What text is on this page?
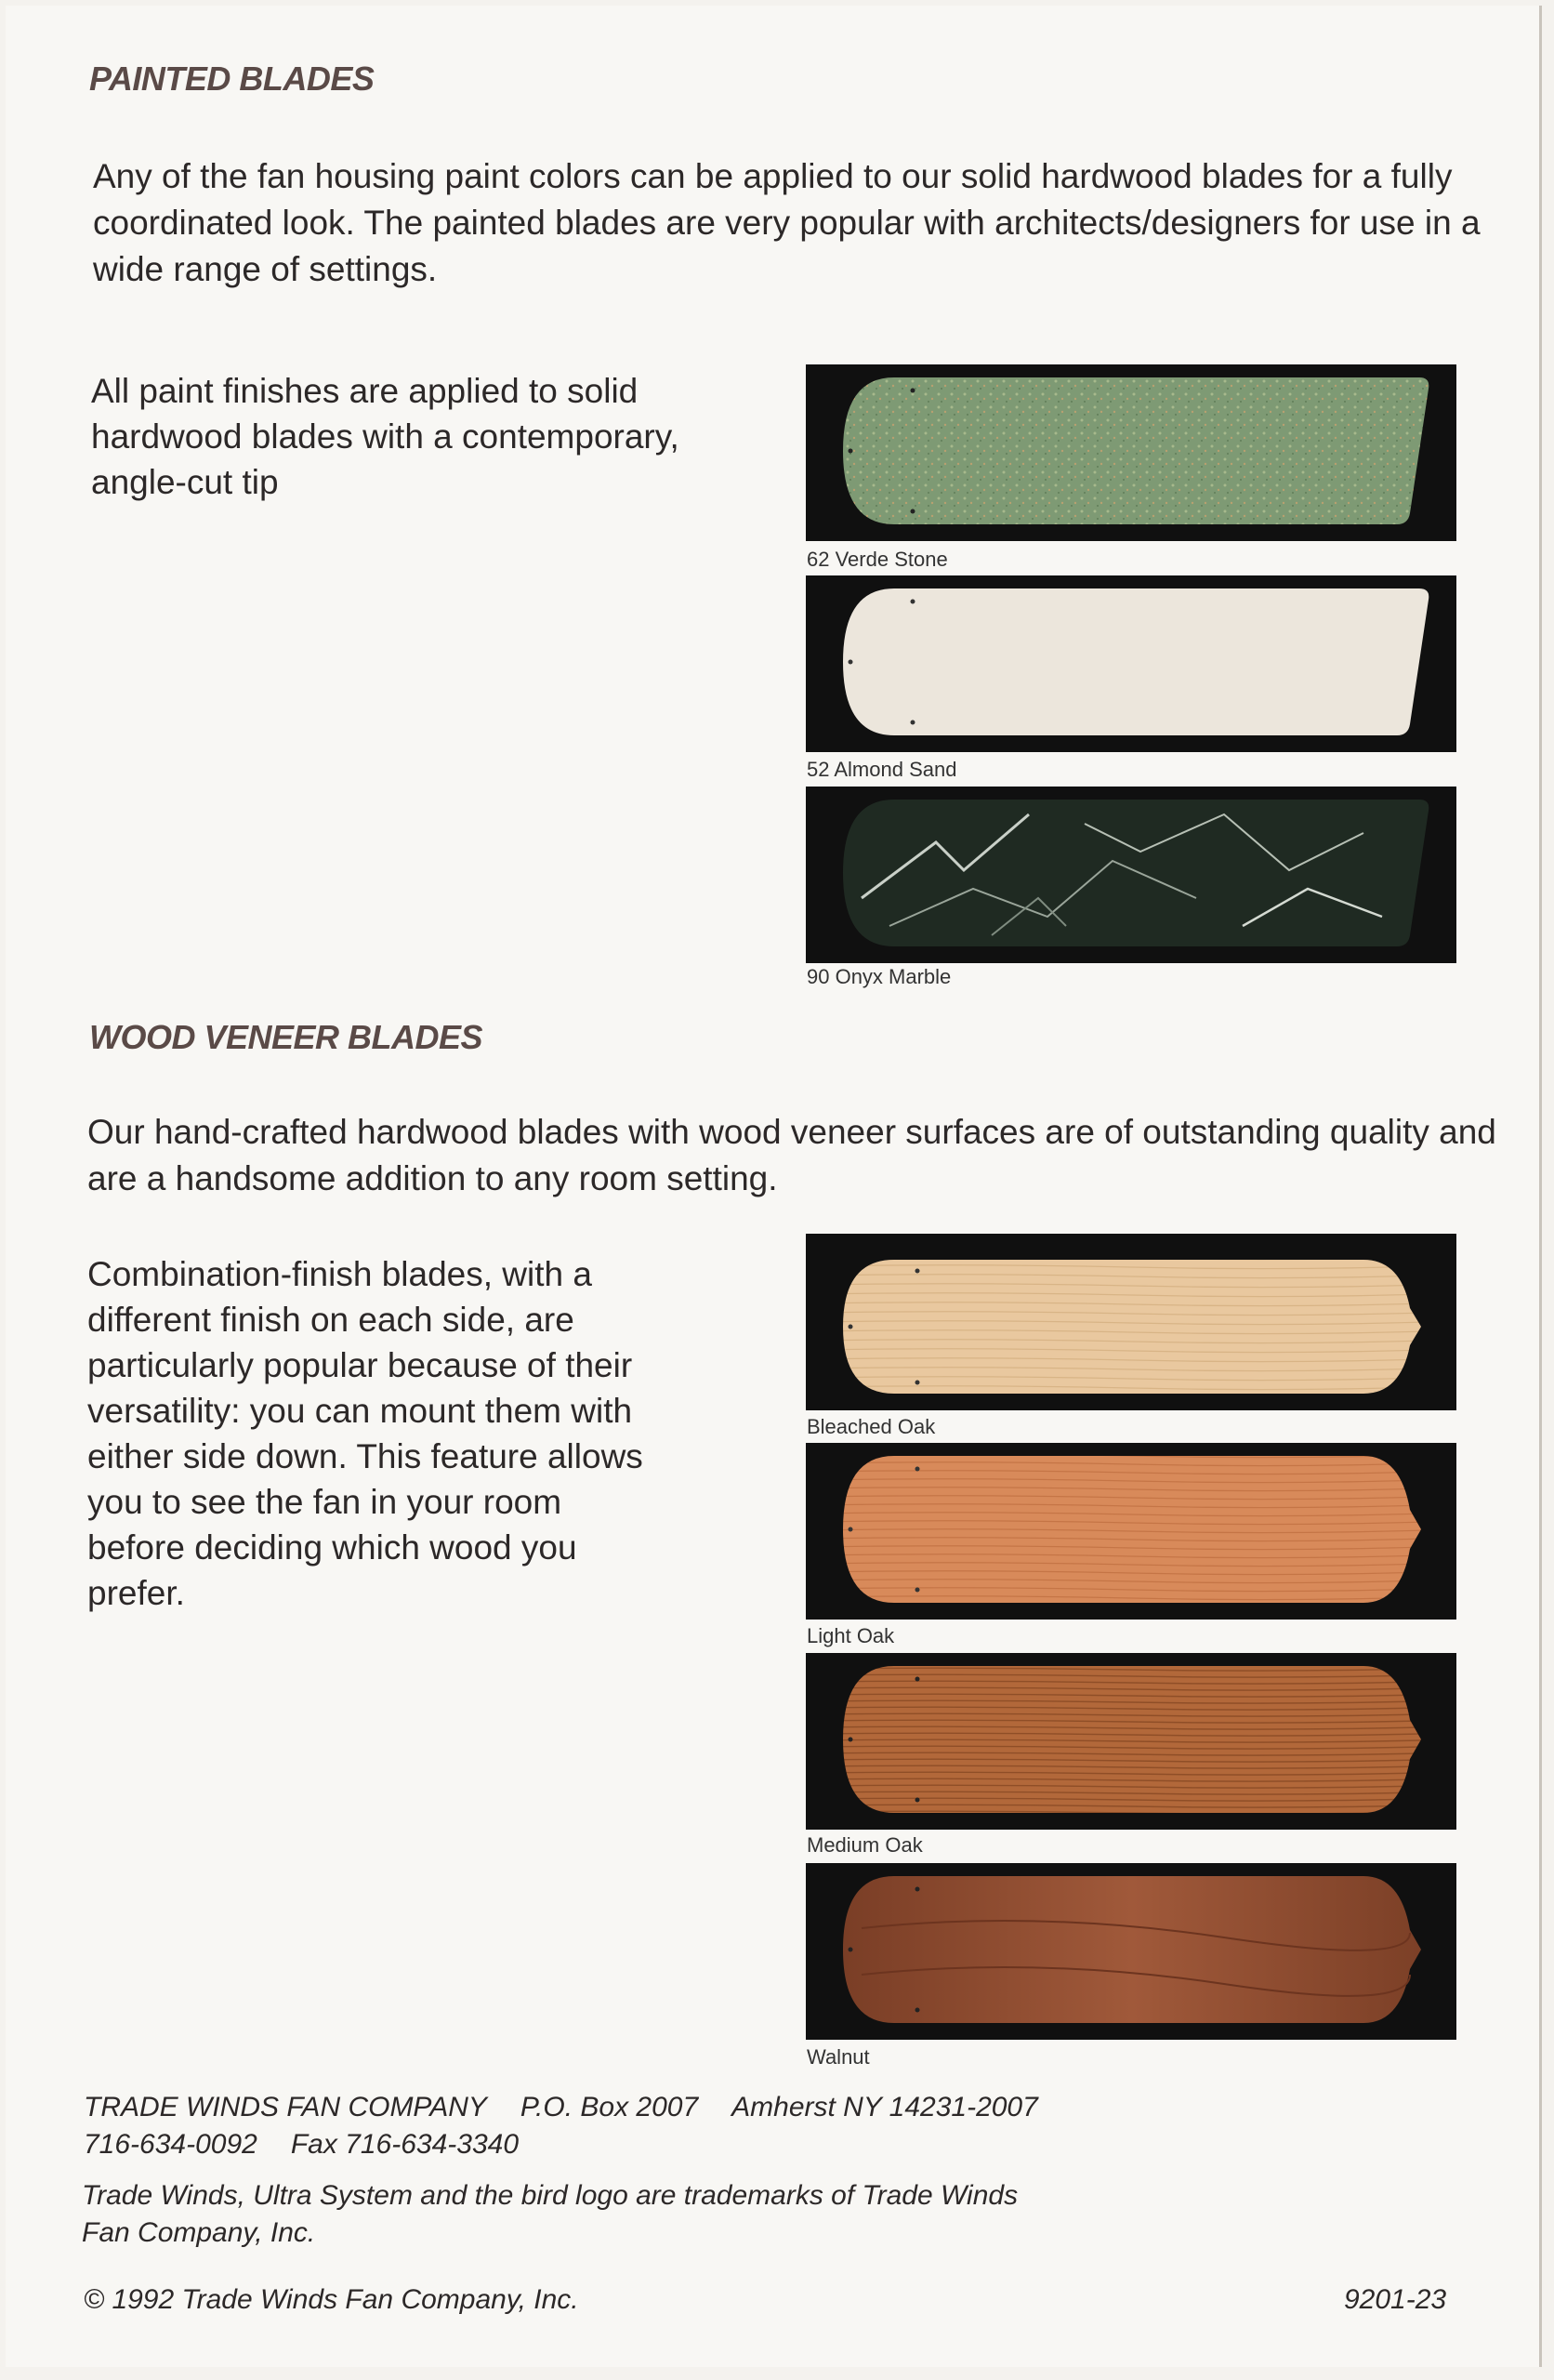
PAINTED BLADES

Any of the fan housing paint colors can be applied to our solid hardwood blades for a fully coordinated look. The painted blades are very popular with architects/designers for use in a wide range of settings.

All paint finishes are applied to solid hardwood blades with a contemporary, angle-cut tip

62 Verde Stone
52 Almond Sand
90 Onyx Marble
WOOD VENEER BLADES

Our hand-crafted hardwood blades with wood veneer surfaces are of outstanding quality and are a handsome addition to any room setting.

Combination-finish blades, with a different finish on each side, are particularly popular because of their versatility: you can mount them with either side down. This feature allows you to see the fan in your room before deciding which wood you prefer.

Bleached Oak
Light Oak
Medium Oak
Walnut

TRADE WINDS FAN COMPANY P.O. Box 2007 Amherst NY 14231-2007

716-634-0092 Fax 716-634-3340

Trade Winds, Ultra System and the bird logo are trademarks of Trade Winds Fan Company, Inc.

© 1992 Trade Winds Fan Company, Inc.	9201-23
